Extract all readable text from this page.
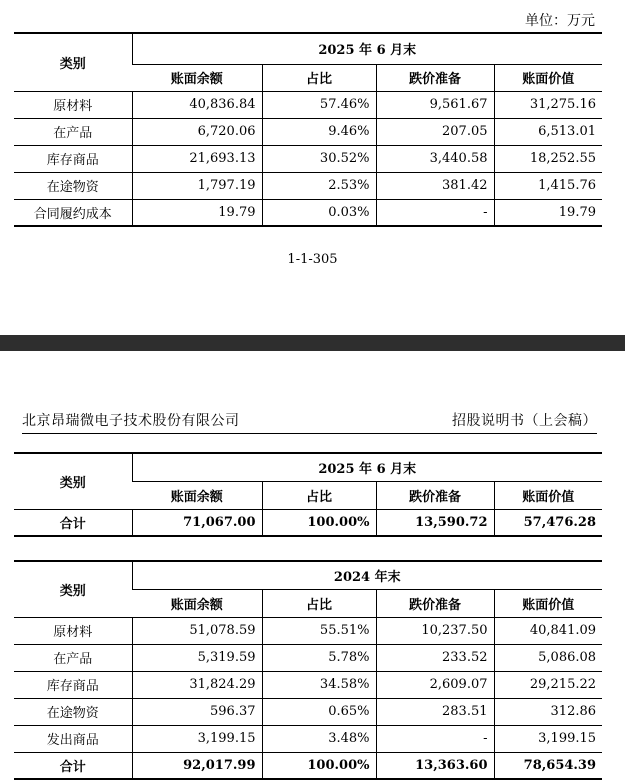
单位：万元
类别	2025 年 6 月末			
	账面余额	占比	跌价准备	账面价值
原材料	40,836.84	57.46%	9,561.67	31,275.16
在产品	6,720.06	9.46%	207.05	6,513.01
库存商品	21,693.13	30.52%	3,440.58	18,252.55
在途物资	1,797.19	2.53%	381.42	1,415.76
合同履约成本	19.79	0.03%	-	19.79
1-1-305
北京昂瑞微电子技术股份有限公司	招股说明书（上会稿）
类别	2025 年 6 月末			
	账面余额	占比	跌价准备	账面价值
合计	71,067.00	100.00%	13,590.72	57,476.28
类别	2024 年末			
	账面余额	占比	跌价准备	账面价值
原材料	51,078.59	55.51%	10,237.50	40,841.09
在产品	5,319.59	5.78%	233.52	5,086.08
库存商品	31,824.29	34.58%	2,609.07	29,215.22
在途物资	596.37	0.65%	283.51	312.86
发出商品	3,199.15	3.48%	-	3,199.15
合计	92,017.99	100.00%	13,363.60	78,654.39
